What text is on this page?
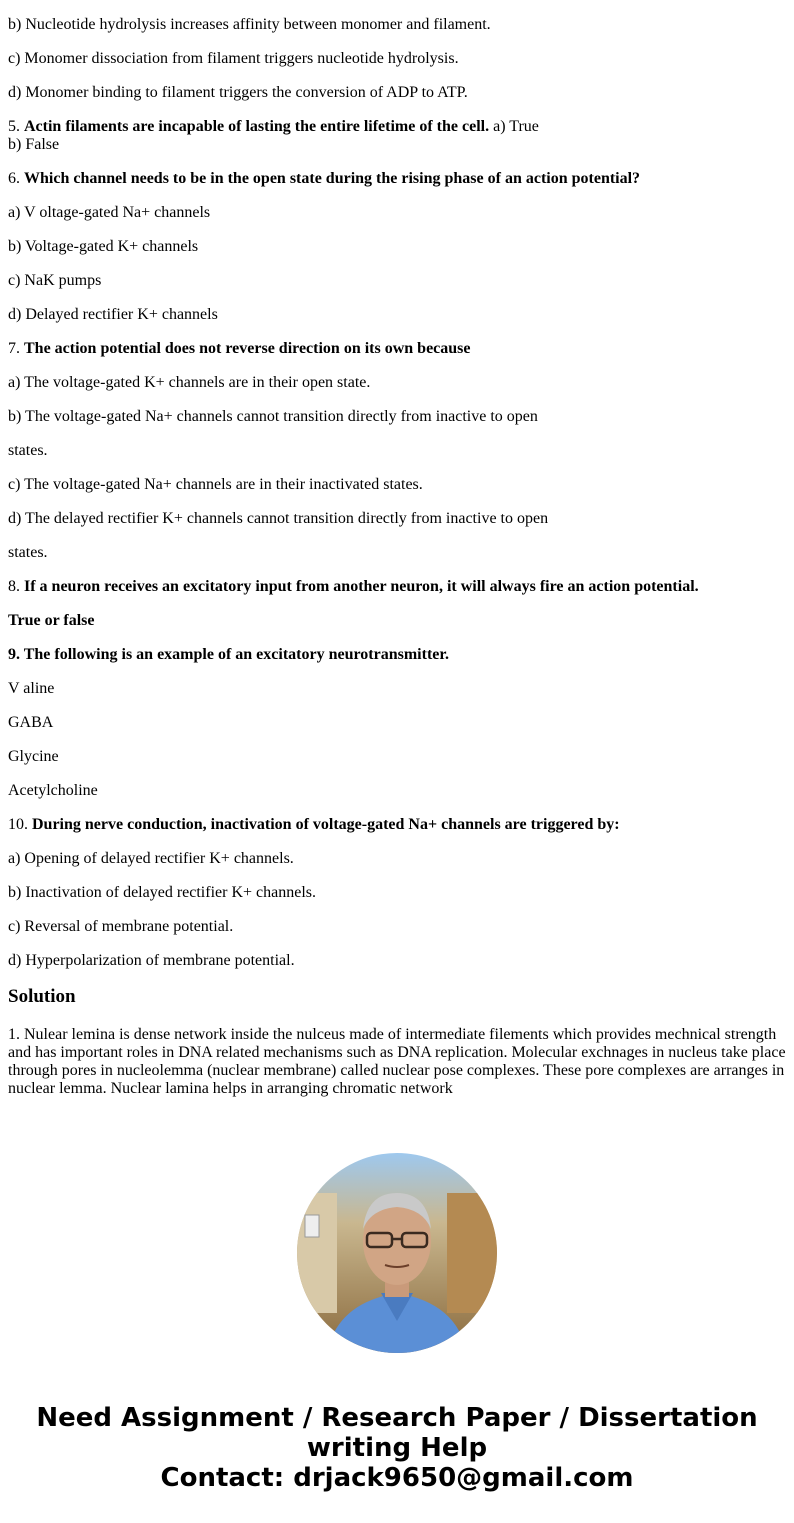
b) Nucleotide hydrolysis increases affinity between monomer and filament.

c) Monomer dissociation from filament triggers nucleotide hydrolysis.

d) Monomer binding to filament triggers the conversion of ADP to ATP.

5. Actin filaments are incapable of lasting the entire lifetime of the cell. a) True
b) False

6. Which channel needs to be in the open state during the rising phase of an action potential?

a) V oltage-gated Na+ channels

b) Voltage-gated K+ channels

c) NaK pumps

d) Delayed rectifier K+ channels

7. The action potential does not reverse direction on its own because

a) The voltage-gated K+ channels are in their open state.

b) The voltage-gated Na+ channels cannot transition directly from inactive to open

states.

c) The voltage-gated Na+ channels are in their inactivated states.

d) The delayed rectifier K+ channels cannot transition directly from inactive to open

states.

8. If a neuron receives an excitatory input from another neuron, it will always fire an action potential.

True or false

9. The following is an example of an excitatory neurotransmitter.

V aline

GABA

Glycine

Acetylcholine

10. During nerve conduction, inactivation of voltage-gated Na+ channels are triggered by:

a) Opening of delayed rectifier K+ channels.

b) Inactivation of delayed rectifier K+ channels.

c) Reversal of membrane potential.

d) Hyperpolarization of membrane potential.

Solution

1. Nulear lemina is dense network inside the nulceus made of intermediate filements which provides mechnical strength and has important roles in DNA related mechanisms such as DNA replication. Molecular exchnages in nucleus take place through pores in nucleolemma (nuclear membrane) called nuclear pose complexes. These pore complexes are arranges in nuclear lemma. Nuclear lamina helps in arranging chromatic network

Need Assignment / Research Paper / Dissertation
writing Help
Contact: drjack9650@gmail.com
